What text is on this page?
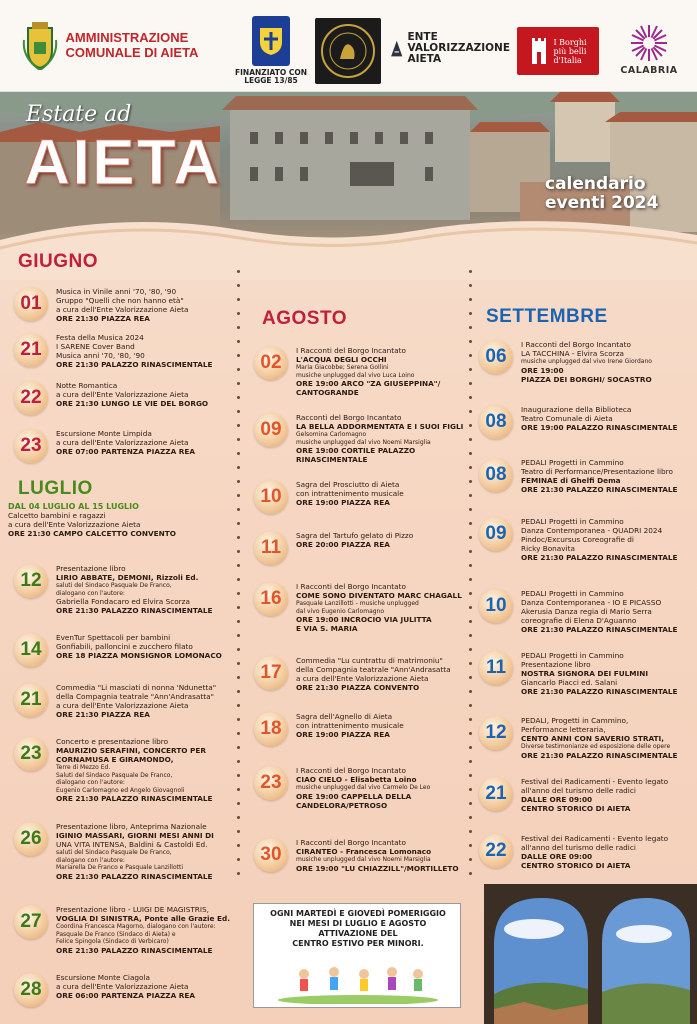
AMMINISTRAZIONE
COMUNALE DI AIETA
FINANZIATO CON
LEGGE 13/85
ENTE
VALORIZZAZIONE
AIETA
I Borghi
più belli
d'Italia
CALABRIA
Estate ad
AIETA	calendario
eventi 2024
GIUGNO
LUGLIO
AGOSTO	SETTEMBRE
DAL 04 LUGLIO AL 15 LUGLIO
Calcetto bambini e ragazzi
a cura dell'Ente Valorizzazione Aieta
ORE 21:30 CAMPO CALCETTO CONVENTO
01
Musica in Vinile anni '70, '80, '90
Gruppo "Quelli che non hanno età"
a cura dell'Ente Valorizzazione Aieta
ORE 21:30 PIAZZA REA
21
Festa della Musica 2024
I SARENE Cover Band
Musica anni '70, '80, '90
ORE 21:30 PALAZZO RINASCIMENTALE
22
Notte Romantica
a cura dell'Ente Valorizzazione Aieta
ORE 21:30 LUNGO LE VIE DEL BORGO
23
Escursione Monte Limpida
a cura dell'Ente Valorizzazione Aieta
ORE 07:00 PARTENZA PIAZZA REA
12
Presentazione libro
LIRIO ABBATE, DEMONI, Rizzoli Ed.
saluti del Sindaco Pasquale De Franco,
dialogano con l'autore:
Gabriella Fondacaro ed Elvira Scorza
ORE 21:30 PALAZZO RINASCIMENTALE
14
EvenTur Spettacoli per bambini
Gonfiabili, palloncini e zucchero filato
ORE 18 PIAZZA MONSIGNOR LOMONACO
21
Commedia "Li masciati di nonna 'Ndunetta"
della Compagnia teatrale "Ann'Andrasatta"
a cura dell'Ente Valorizzazione Aieta
ORE 21:30 PIAZZA REA
23
Concerto e presentazione libro
MAURIZIO SERAFINI, CONCERTO PER
CORNAMUSA E GIRAMONDO,
Terre di Mezzo Ed.
Saluti del Sindaco Pasquale De Franco,
dialogano con l'autore:
Eugenio Carlomagno ed Angelo Giovagnoli
ORE 21:30 PALAZZO RINASCIMENTALE
26
Presentazione libro, Anteprima Nazionale
IGINIO MASSARI, GIORNI MESI ANNI DI
UNA VITA INTENSA, Baldini & Castoldi Ed.
saluti del Sindaco Pasquale De Franco,
dialogano con l'autore:
Mariarella De Franco e Pasquale Lanzillotti
ORE 21:30 PALAZZO RINASCIMENTALE
27
Presentazione libro - LUIGI DE MAGISTRIS,
VOGLIA DI SINISTRA, Ponte alle Grazie Ed.
Coordina Francesca Magorno, dialogano con l'autore:
Pasquale De Franco (Sindaco di Aieta) e
Felice Spingola (Sindaco di Verbicaro)
ORE 21:30 PALAZZO RINASCIMENTALE
28
Escursione Monte Ciagola
a cura dell'Ente Valorizzazione Aieta
ORE 06:00 PARTENZA PIAZZA REA
02
I Racconti del Borgo Incantato
L'ACQUA DEGLI OCCHI
Maria Giacobbe; Serena Gollini
musiche unplugged dal vivo Luca Loino
ORE 19:00 ARCO "ZA GIUSEPPINA"/
CANTOGRANDE
09
Racconti del Borgo Incantato
LA BELLA ADDORMENTATA E I SUOI FIGLI
Gelsomina Carlomagno
musiche unplugged dal vivo Noemi Marsiglia
ORE 19:00 CORTILE PALAZZO
RINASCIMENTALE
10
Sagra del Prosciutto di Aieta
con intrattenimento musicale
ORE 19:00 PIAZZA REA
11
Sagra del Tartufo gelato di Pizzo
ORE 20:00 PIAZZA REA
16
I Racconti del Borgo Incantato
COME SONO DIVENTATO MARC CHAGALL
Pasquale Lanzillotti - musiche unplugged
dal vivo Eugenio Carlomagno
ORE 19:00 INCROCIO VIA JULITTA
E VIA S. MARIA
17
Commedia "Lu cuntrattu di matrimoniu"
della Compagnia teatrale "Ann'Andrasatta
a cura dell'Ente Valorizzazione Aieta
ORE 21:30 PIAZZA CONVENTO
18
Sagra dell'Agnello di Aieta
con intrattenimento musicale
ORE 19:00 PIAZZA REA
23
I Racconti del Borgo Incantato
CIAO CIELO - Elisabetta Loino
musiche unplugged dal vivo Carmelo De Leo
ORE 19:00 CAPPELLA DELLA
CANDELORA/PETROSO
30
I Racconti del Borgo Incantato
CIRANTEO - Francesca Lomonaco
musiche unplugged dal vivo Noemi Marsiglia
ORE 19:00 "LU CHIAZZILL"/MORTILLETO
06
I Racconti del Borgo Incantato
LA TACCHINA - Elvira Scorza
musiche unplugged dal vivo Irene Giordano
ORE 19:00
PIAZZA DEI BORGHI/ SOCASTRO
08
Inaugurazione della Biblioteca
Teatro Comunale di Aieta
ORE 19:00 PALAZZO RINASCIMENTALE
08
PEDALI Progetti in Cammino
Teatro di Performance/Presentazione libro
FEMINAE di Ghelfi Dema
ORE 21:30 PALAZZO RINASCIMENTALE
09
PEDALI Progetti in Cammino
Danza Contemporanea - QUADRI 2024
Pindoc/Excursus Coreografie di
Ricky Bonavita
ORE 21:30 PALAZZO RINASCIMENTALE
10
PEDALI Progetti in Cammino
Danza Contemporanea - IO E PICASSO
Akerusia Danza regia di Mario Serra
coreografie di Elena D'Aguanno
ORE 21:30 PALAZZO RINASCIMENTALE
11
PEDALI Progetti in Cammino
Presentazione libro
NOSTRA SIGNORA DEI FULMINI
Giancarlo Piacci ed. Salani
ORE 21:30 PALAZZO RINASCIMENTALE
12
PEDALI, Progetti in Cammino,
Performance letteraria,
CENTO ANNI CON SAVERIO STRATI,
Diverse testimonianze ed esposizione delle opere
ORE 21:30 PALAZZO RINASCIMENTALE
21
Festival dei Radicamenti - Evento legato
all'anno del turismo delle radici
DALLE ORE 09:00
CENTRO STORICO DI AIETA
22
Festival dei Radicamenti - Evento legato
all'anno del turismo delle radici
DALLE ORE 09:00
CENTRO STORICO DI AIETA
OGNI MARTEDÌ E GIOVEDÌ POMERIGGIO
NEI MESI DI LUGLIO E AGOSTO
ATTIVAZIONE DEL
CENTRO ESTIVO PER MINORI.
